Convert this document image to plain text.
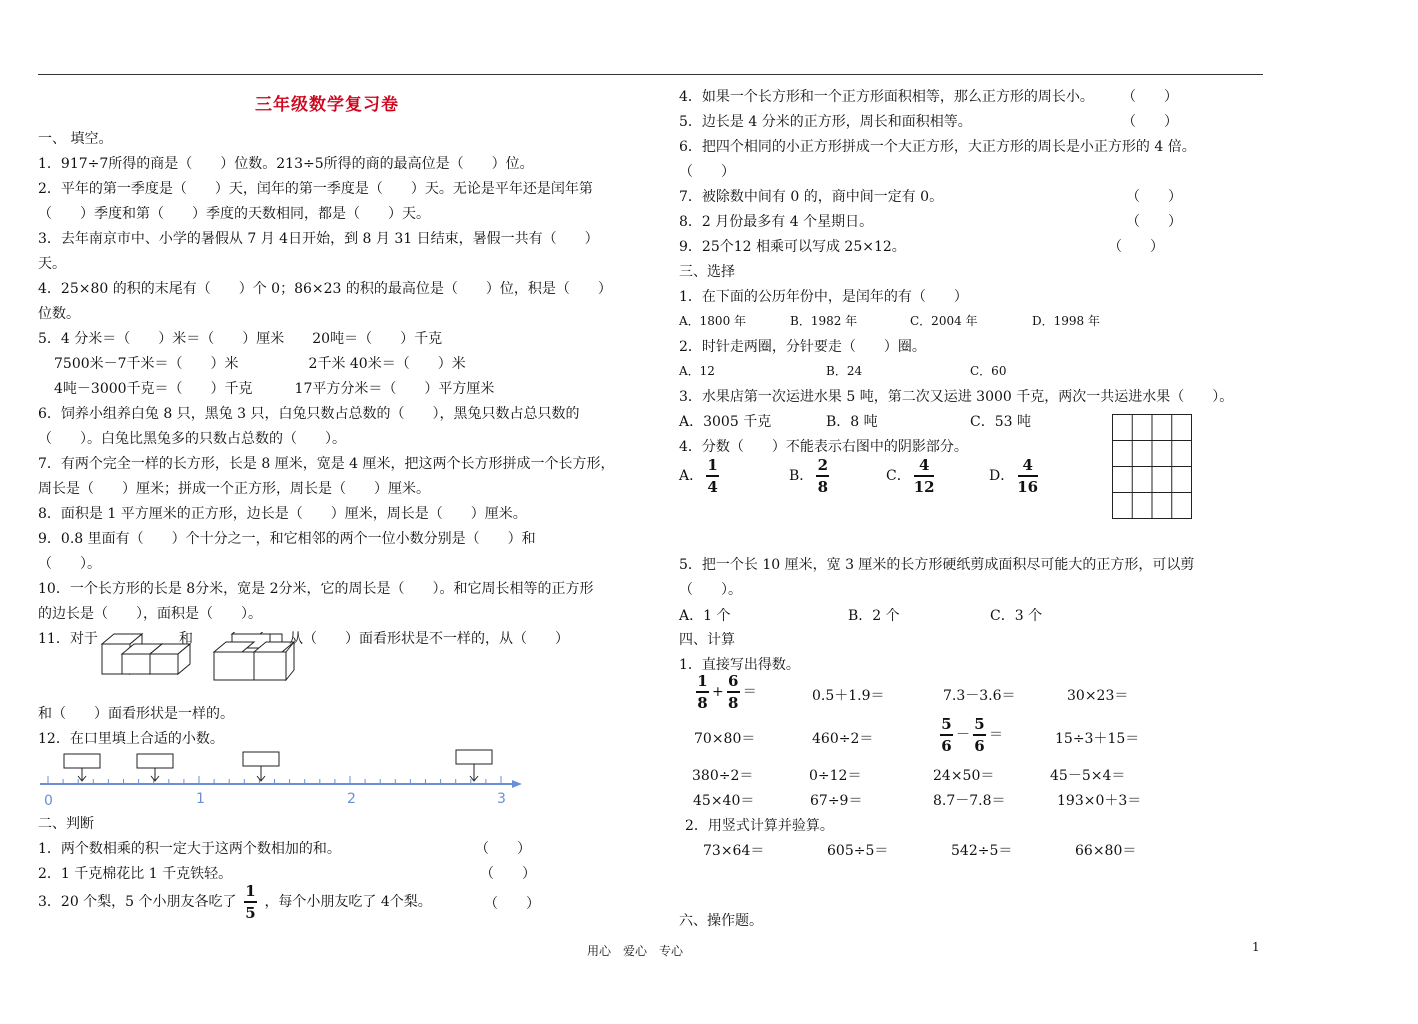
三年级数学复习卷
一、 填空。
1．917÷7所得的商是（　　）位数。213÷5所得的商的最高位是（　　）位。
2．平年的第一季度是（　　）天，闰年的第一季度是（　　）天。无论是平年还是闰年第
（　　）季度和第（　　）季度的天数相同，都是（　　）天。
3．去年南京市中、小学的暑假从 7 月 4日开始，到 8 月 31 日结束，暑假一共有（　　）
天。
4．25×80 的积的末尾有（　　）个 0；86×23 的积的最高位是（　　）位，积是（　　）
位数。
5．4 分米＝（　　）米＝（　　）厘米　　20吨＝（　　）千克
7500米－7千米＝（　　）米　　　　　2千米 40米＝（　　）米
4吨－3000千克＝（　　）千克　　　17平方分米＝（　　）平方厘米
6．饲养小组养白兔 8 只，黑兔 3 只，白兔只数占总数的（　　），黑兔只数占总只数的
（　　）。白兔比黑兔多的只数占总数的（　　）。
7．有两个完全一样的长方形，长是 8 厘米，宽是 4 厘米，把这两个长方形拼成一个长方形，
周长是（　　）厘米；拼成一个正方形，周长是（　　）厘米。
8．面积是 1 平方厘米的正方形，边长是（　　）厘米，周长是（　　）厘米。
9．0.8 里面有（　　）个十分之一，和它相邻的两个一位小数分别是（　　）和
（　　）。
10．一个长方形的长是 8分米，宽是 2分米，它的周长是（　　）。和它周长相等的正方形
的边长是（　　），面积是（　　）。
11．对于	和	从（　　）面看形状是不一样的，从（　　）
和（　　）面看形状是一样的。
12．在口里填上合适的小数。
0	1	2	3
二、判断
1．两个数相乘的积一定大于这两个数相加的和。	（　　）
2．1 千克棉花比 1 千克铁轻。	（　　）
3．20 个梨，5 个小朋友各吃了 $\frac{1}{5}$ ，每个小朋友吃了 4个梨。	（　　）
4．如果一个长方形和一个正方形面积相等，那么正方形的周长小。 （　　）
5．边长是 4 分米的正方形，周长和面积相等。	（　　）
6．把四个相同的小正方形拼成一个大正方形，大正方形的周长是小正方形的 4 倍。
（　　）
7．被除数中间有 0 的，商中间一定有 0。	（　　）
8．2 月份最多有 4 个星期日。	（　　）
9．25个12 相乘可以写成 25×12。	（　　）
三、选择
1．在下面的公历年份中，是闰年的有（　　）
A．1800 年	B．1982 年	C．2004 年	D．1998 年
2．时针走两圈，分针要走（　　）圈。
A．12	B．24	C．60
3．水果店第一次运进水果 5 吨，第二次又运进 3000 千克，两次一共运进水果（　　）。
A．3005 千克	B．8 吨	C．53 吨
4．分数（　　）不能表示右图中的阴影部分。
A． $\frac{1}{4}$	B． $\frac{2}{8}$	C． $\frac{4}{12}$	D． $\frac{4}{16}$
5．把一个长 10 厘米，宽 3 厘米的长方形硬纸剪成面积尽可能大的正方形，可以剪
（　　）。
A．1 个	B．2 个	C．3 个
四、计算
1．直接写出得数。
$\frac{1}{8} + \frac{6}{8}$ ＝	0.5＋1.9＝	7.3－3.6＝	30×23＝
70×80＝	460÷2＝	$\frac{5}{6} - \frac{5}{6}$ ＝	15÷3＋15＝
380÷2＝	0÷12＝	24×50＝	45－5×4＝
45×40＝	67÷9＝	8.7－7.8＝	193×0＋3＝
2．用竖式计算并验算。
73×64＝	605÷5＝	542÷5＝	66×80＝
六、操作题。
用心　爱心　专心	1
